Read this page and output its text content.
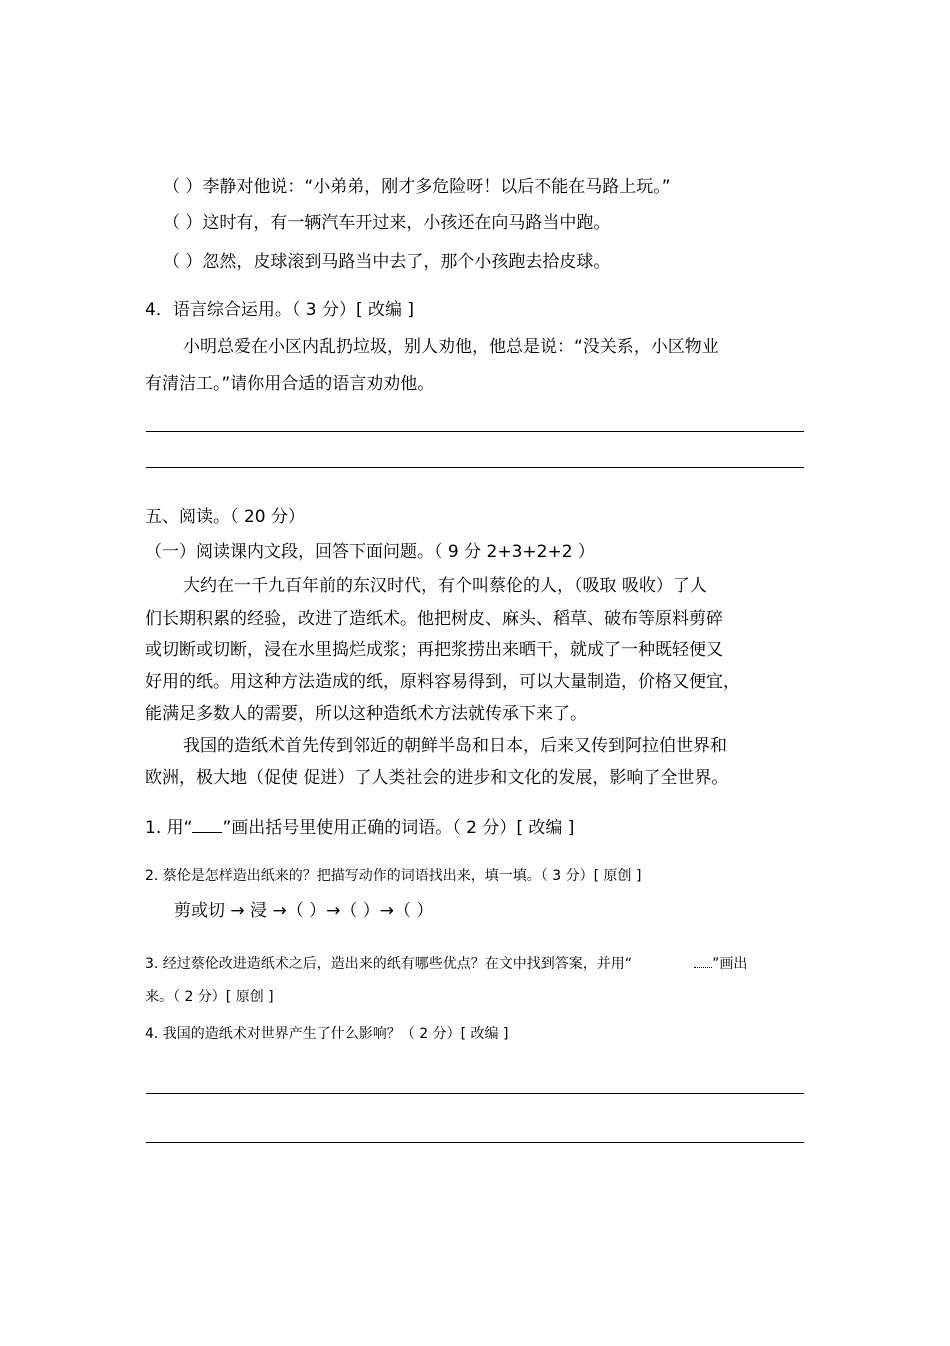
（ ）李静对他说：“小弟弟，刚才多危险呀！以后不能在马路上玩。”
（ ）这时有，有一辆汽车开过来，小孩还在向马路当中跑。
（ ）忽然，皮球滚到马路当中去了，那个小孩跑去拾皮球。
4．语言综合运用。（ 3 分）[ 改编 ]
小明总爱在小区内乱扔垃圾，别人劝他，他总是说：“没关系，小区物业
有清洁工。”请你用合适的语言劝劝他。
五、阅读。（ 20 分）
（一）阅读课内文段，回答下面问题。（ 9 分 2+3+2+2 ）
大约在一千九百年前的东汉时代，有个叫蔡伦的人，（吸取 吸收）了人
们长期积累的经验，改进了造纸术。他把树皮、麻头、稻草、破布等原料剪碎
或切断或切断，浸在水里捣烂成浆；再把浆捞出来晒干，就成了一种既轻便又
好用的纸。用这种方法造成的纸，原料容易得到，可以大量制造，价格又便宜，
能满足多数人的需要，所以这种造纸术方法就传承下来了。
我国的造纸术首先传到邻近的朝鲜半岛和日本，后来又传到阿拉伯世界和
欧洲，极大地（促使 促进）了人类社会的进步和文化的发展，影响了全世界。
1. 用“ ”画出括号里使用正确的词语。（ 2 分）[ 改编 ]
2. 蔡伦是怎样造出纸来的？把描写动作的词语找出来，填一填。（ 3 分）[ 原创 ]
剪或切 → 浸 →（ ）→（ ）→（ ）
3. 经过蔡伦改进造纸术之后，造出来的纸有哪些优点？在文中找到答案，并用“	”画出
来。（ 2 分）[ 原创 ]
4. 我国的造纸术对世界产生了什么影响？（ 2 分）[ 改编 ]
